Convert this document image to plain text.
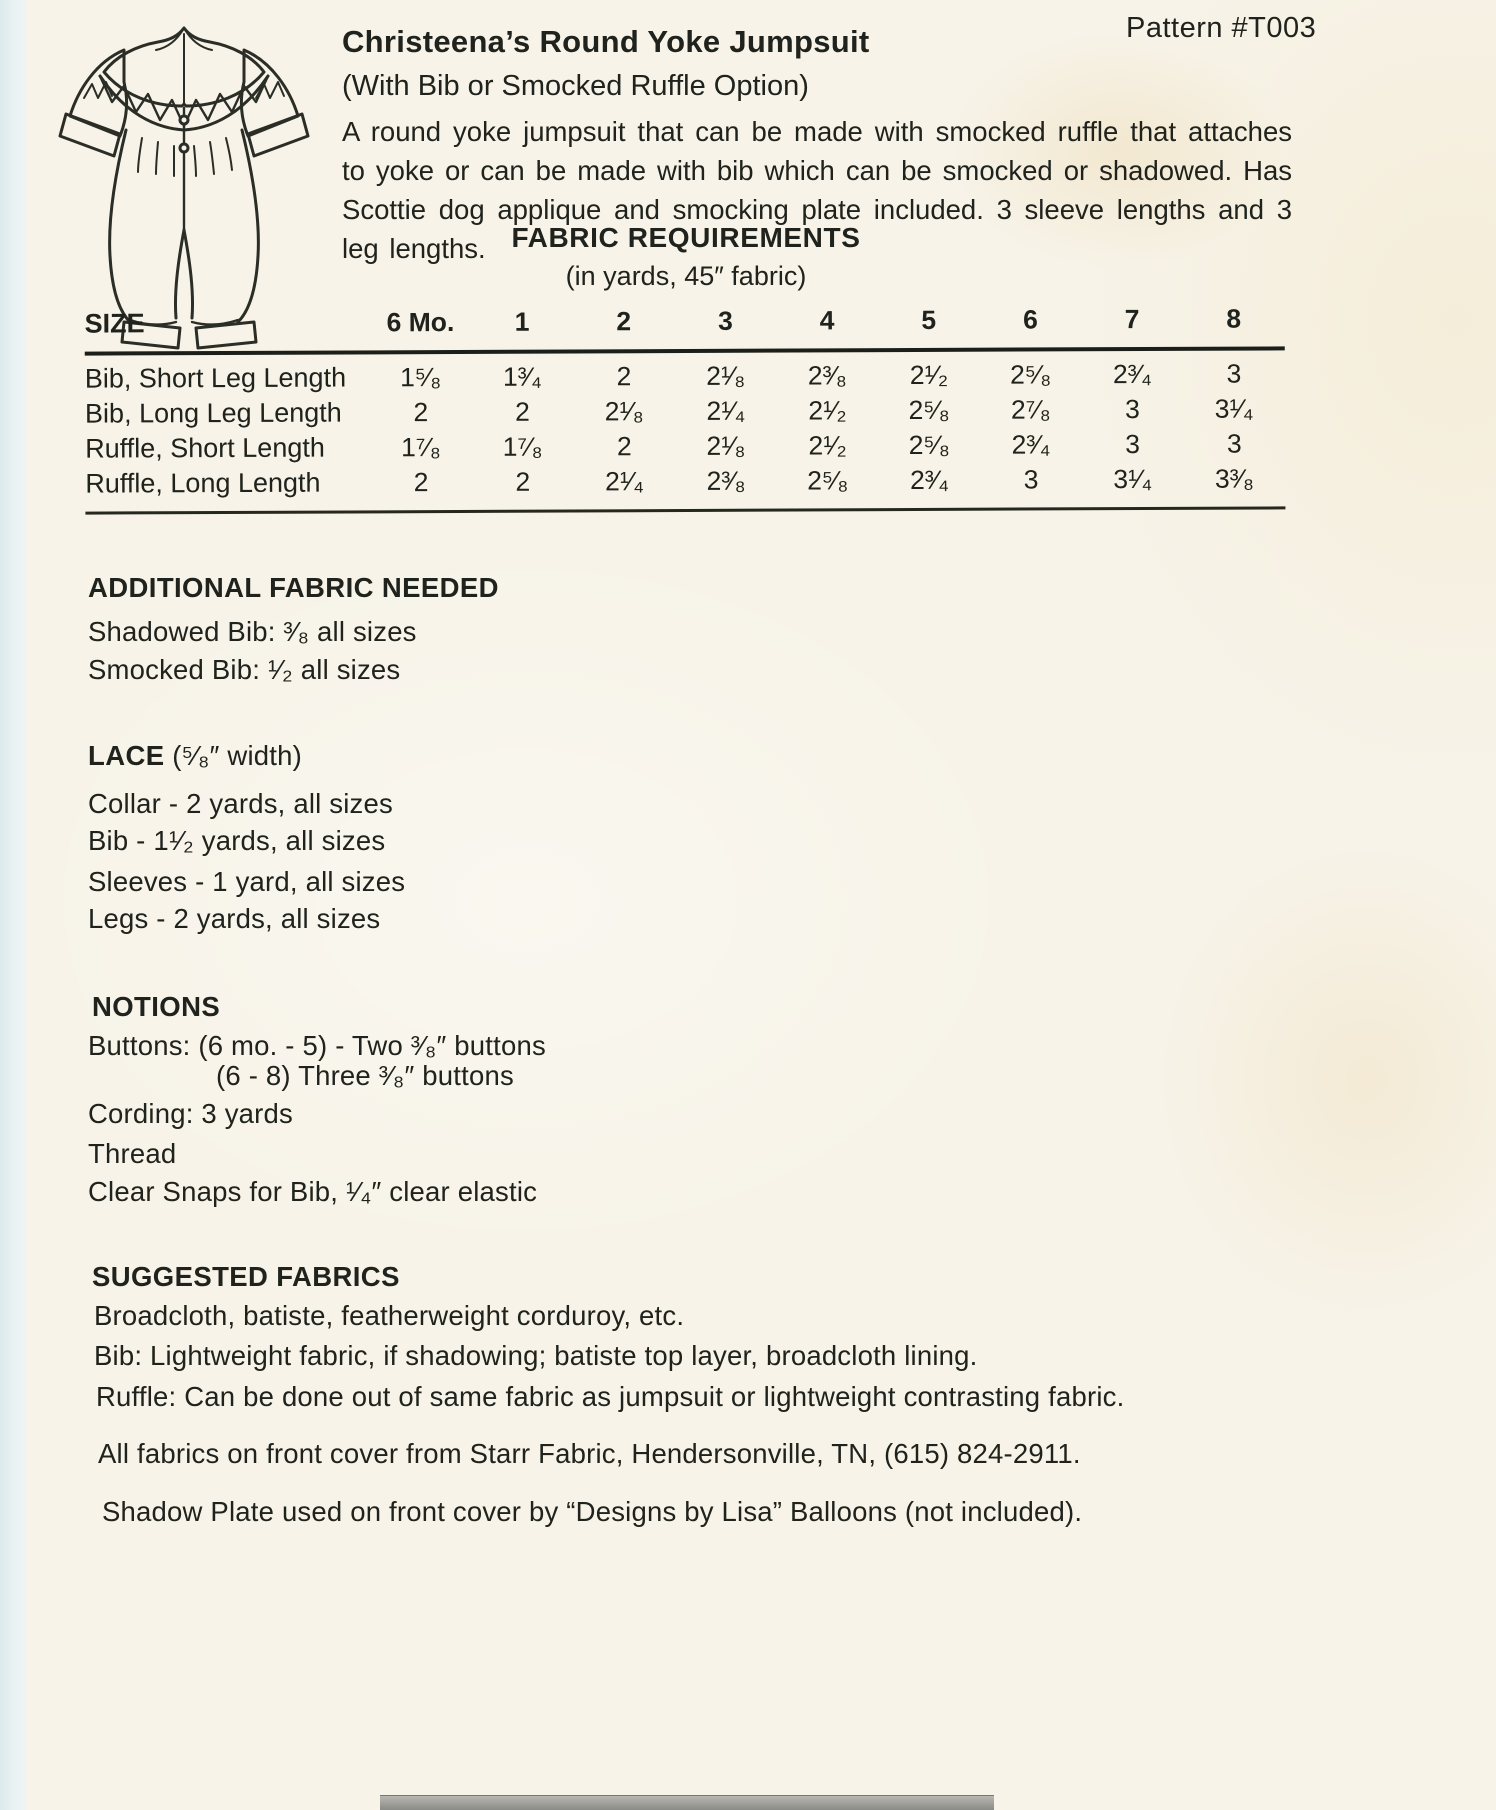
Pattern #T003
Christeena’s Round Yoke Jumpsuit
(With Bib or Smocked Ruffle Option)
A round yoke jumpsuit that can be made with smocked ruffle that attaches to yoke or can be made with bib which can be smocked or shadowed. Has Scottie dog applique and smocking plate included. 3 sleeve lengths and 3 leg lengths. FABRIC REQUIREMENTS
(in yards, 45″ fabric)
SIZE	6 Mo.	1	2	3	4	5	6	7	8
Bib, Short Leg Length	1⁵⁄₈	1³⁄₄	2	2¹⁄₈	2³⁄₈	2¹⁄₂	2⁵⁄₈	2³⁄₄	3
Bib, Long Leg Length	2	2	2¹⁄₈	2¹⁄₄	2¹⁄₂	2⁵⁄₈	2⁷⁄₈	3	3¹⁄₄
Ruffle, Short Length	1⁷⁄₈	1⁷⁄₈	2	2¹⁄₈	2¹⁄₂	2⁵⁄₈	2³⁄₄	3	3
Ruffle, Long Length	2	2	2¹⁄₄	2³⁄₈	2⁵⁄₈	2³⁄₄	3	3¹⁄₄	3³⁄₈
ADDITIONAL FABRIC NEEDED
Shadowed Bib: ³⁄₈ all sizes
Smocked Bib: ¹⁄₂ all sizes
LACE (⁵⁄₈″ width)
Collar - 2 yards, all sizes
Bib - 1¹⁄₂ yards, all sizes
Sleeves - 1 yard, all sizes
Legs - 2 yards, all sizes
NOTIONS
Buttons: (6 mo. - 5) - Two ³⁄₈″ buttons
(6 - 8) Three ³⁄₈″ buttons
Cording: 3 yards
Thread
Clear Snaps for Bib, ¹⁄₄″ clear elastic
SUGGESTED FABRICS
Broadcloth, batiste, featherweight corduroy, etc.
Bib: Lightweight fabric, if shadowing; batiste top layer, broadcloth lining.
Ruffle: Can be done out of same fabric as jumpsuit or lightweight contrasting fabric.
All fabrics on front cover from Starr Fabric, Hendersonville, TN, (615) 824-2911.
Shadow Plate used on front cover by “Designs by Lisa” Balloons (not included).
